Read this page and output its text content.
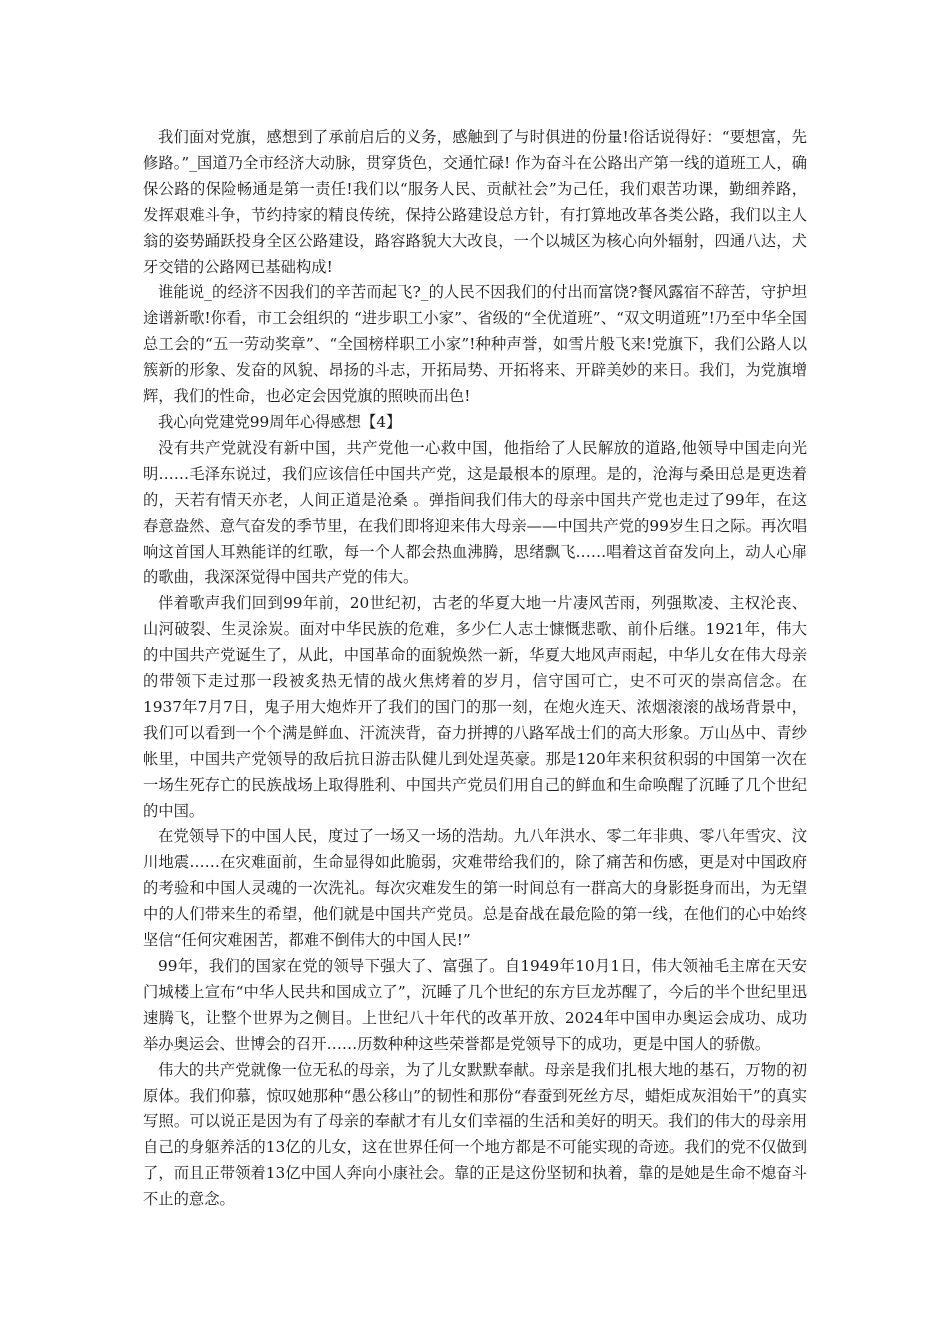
我们面对党旗，感想到了承前启后的义务，感触到了与时俱进的份量!俗话说得好：“要想富，先修路。”_国道乃全市经济大动脉，贯穿货色，交通忙碌! 作为奋斗在公路出产第一线的道班工人，确保公路的保险畅通是第一责任!我们以“服务人民、贡献社会”为己任，我们艰苦功课，勤细养路，发挥艰难斗争，节约持家的精良传统，保持公路建设总方针，有打算地改革各类公路，我们以主人翁的姿势踊跃投身全区公路建设，路容路貌大大改良，一个以城区为核心向外辐射，四通八达，犬牙交错的公路网已基础构成!

谁能说_的经济不因我们的辛苦而起飞?_的人民不因我们的付出而富饶?餐风露宿不辞苦，守护坦途谱新歌!你看，市工会组织的 “进步职工小家”、省级的“全优道班”、“双文明道班”!乃至中华全国总工会的“五一劳动奖章”、“全国榜样职工小家”!种种声誉，如雪片般飞来!党旗下，我们公路人以簇新的形象、发奋的风貌、昂扬的斗志，开拓局势、开拓将来、开辟美妙的来日。我们，为党旗增辉，我们的性命，也必定会因党旗的照映而出色!

我心向党建党99周年心得感想【4】

没有共产党就没有新中国，共产党他一心救中国，他指给了人民解放的道路,他领导中国走向光明……毛泽东说过，我们应该信任中国共产党，这是最根本的原理。是的，沧海与桑田总是更迭着的，天若有情天亦老，人间正道是沧桑 。弹指间我们伟大的母亲中国共产党也走过了99年，在这春意盎然、意气奋发的季节里，在我们即将迎来伟大母亲——中国共产党的99岁生日之际。再次唱响这首国人耳熟能详的红歌，每一个人都会热血沸腾，思绪飘飞……唱着这首奋发向上，动人心扉的歌曲，我深深觉得中国共产党的伟大。

伴着歌声我们回到99年前，20世纪初，古老的华夏大地一片凄风苦雨，列强欺凌、主权沦丧、山河破裂、生灵涂炭。面对中华民族的危难，多少仁人志士慷慨悲歌、前仆后继。1921年，伟大的中国共产党诞生了，从此，中国革命的面貌焕然一新，华夏大地风声雨起，中华儿女在伟大母亲的带领下走过那一段被炙热无情的战火焦烤着的岁月，信守国可亡，史不可灭的崇高信念。在1937年7月7日，鬼子用大炮炸开了我们的国门的那一刻，在炮火连天、浓烟滚滚的战场背景中，我们可以看到一个个满是鲜血、汗流浃背，奋力拼搏的八路军战士们的高大形象。万山丛中、青纱帐里，中国共产党领导的敌后抗日游击队健儿到处逞英豪。那是120年来积贫积弱的中国第一次在一场生死存亡的民族战场上取得胜利、中国共产党员们用自己的鲜血和生命唤醒了沉睡了几个世纪的中国。

在党领导下的中国人民，度过了一场又一场的浩劫。九八年洪水、零二年非典、零八年雪灾、汶川地震……在灾难面前，生命显得如此脆弱，灾难带给我们的，除了痛苦和伤感，更是对中国政府的考验和中国人灵魂的一次洗礼。每次灾难发生的第一时间总有一群高大的身影挺身而出，为无望中的人们带来生的希望，他们就是中国共产党员。总是奋战在最危险的第一线，在他们的心中始终坚信“任何灾难困苦，都难不倒伟大的中国人民!”

99年，我们的国家在党的领导下强大了、富强了。自1949年10月1日，伟大领袖毛主席在天安门城楼上宣布“中华人民共和国成立了”，沉睡了几个世纪的东方巨龙苏醒了，今后的半个世纪里迅速腾飞，让整个世界为之侧目。上世纪八十年代的改革开放、2024年中国申办奥运会成功、成功举办奥运会、世博会的召开……历数种种这些荣誉都是党领导下的成功，更是中国人的骄傲。

伟大的共产党就像一位无私的母亲，为了儿女默默奉献。母亲是我们扎根大地的基石，万物的初原体。我们仰慕，惊叹她那种“愚公移山”的韧性和那份“春蚕到死丝方尽，蜡炬成灰泪始干”的真实写照。可以说正是因为有了母亲的奉献才有儿女们幸福的生活和美好的明天。我们的伟大的母亲用自己的身躯养活的13亿的儿女，这在世界任何一个地方都是不可能实现的奇迹。我们的党不仅做到了，而且正带领着13亿中国人奔向小康社会。靠的正是这份坚韧和执着，靠的是她是生命不熄奋斗不止的意念。
